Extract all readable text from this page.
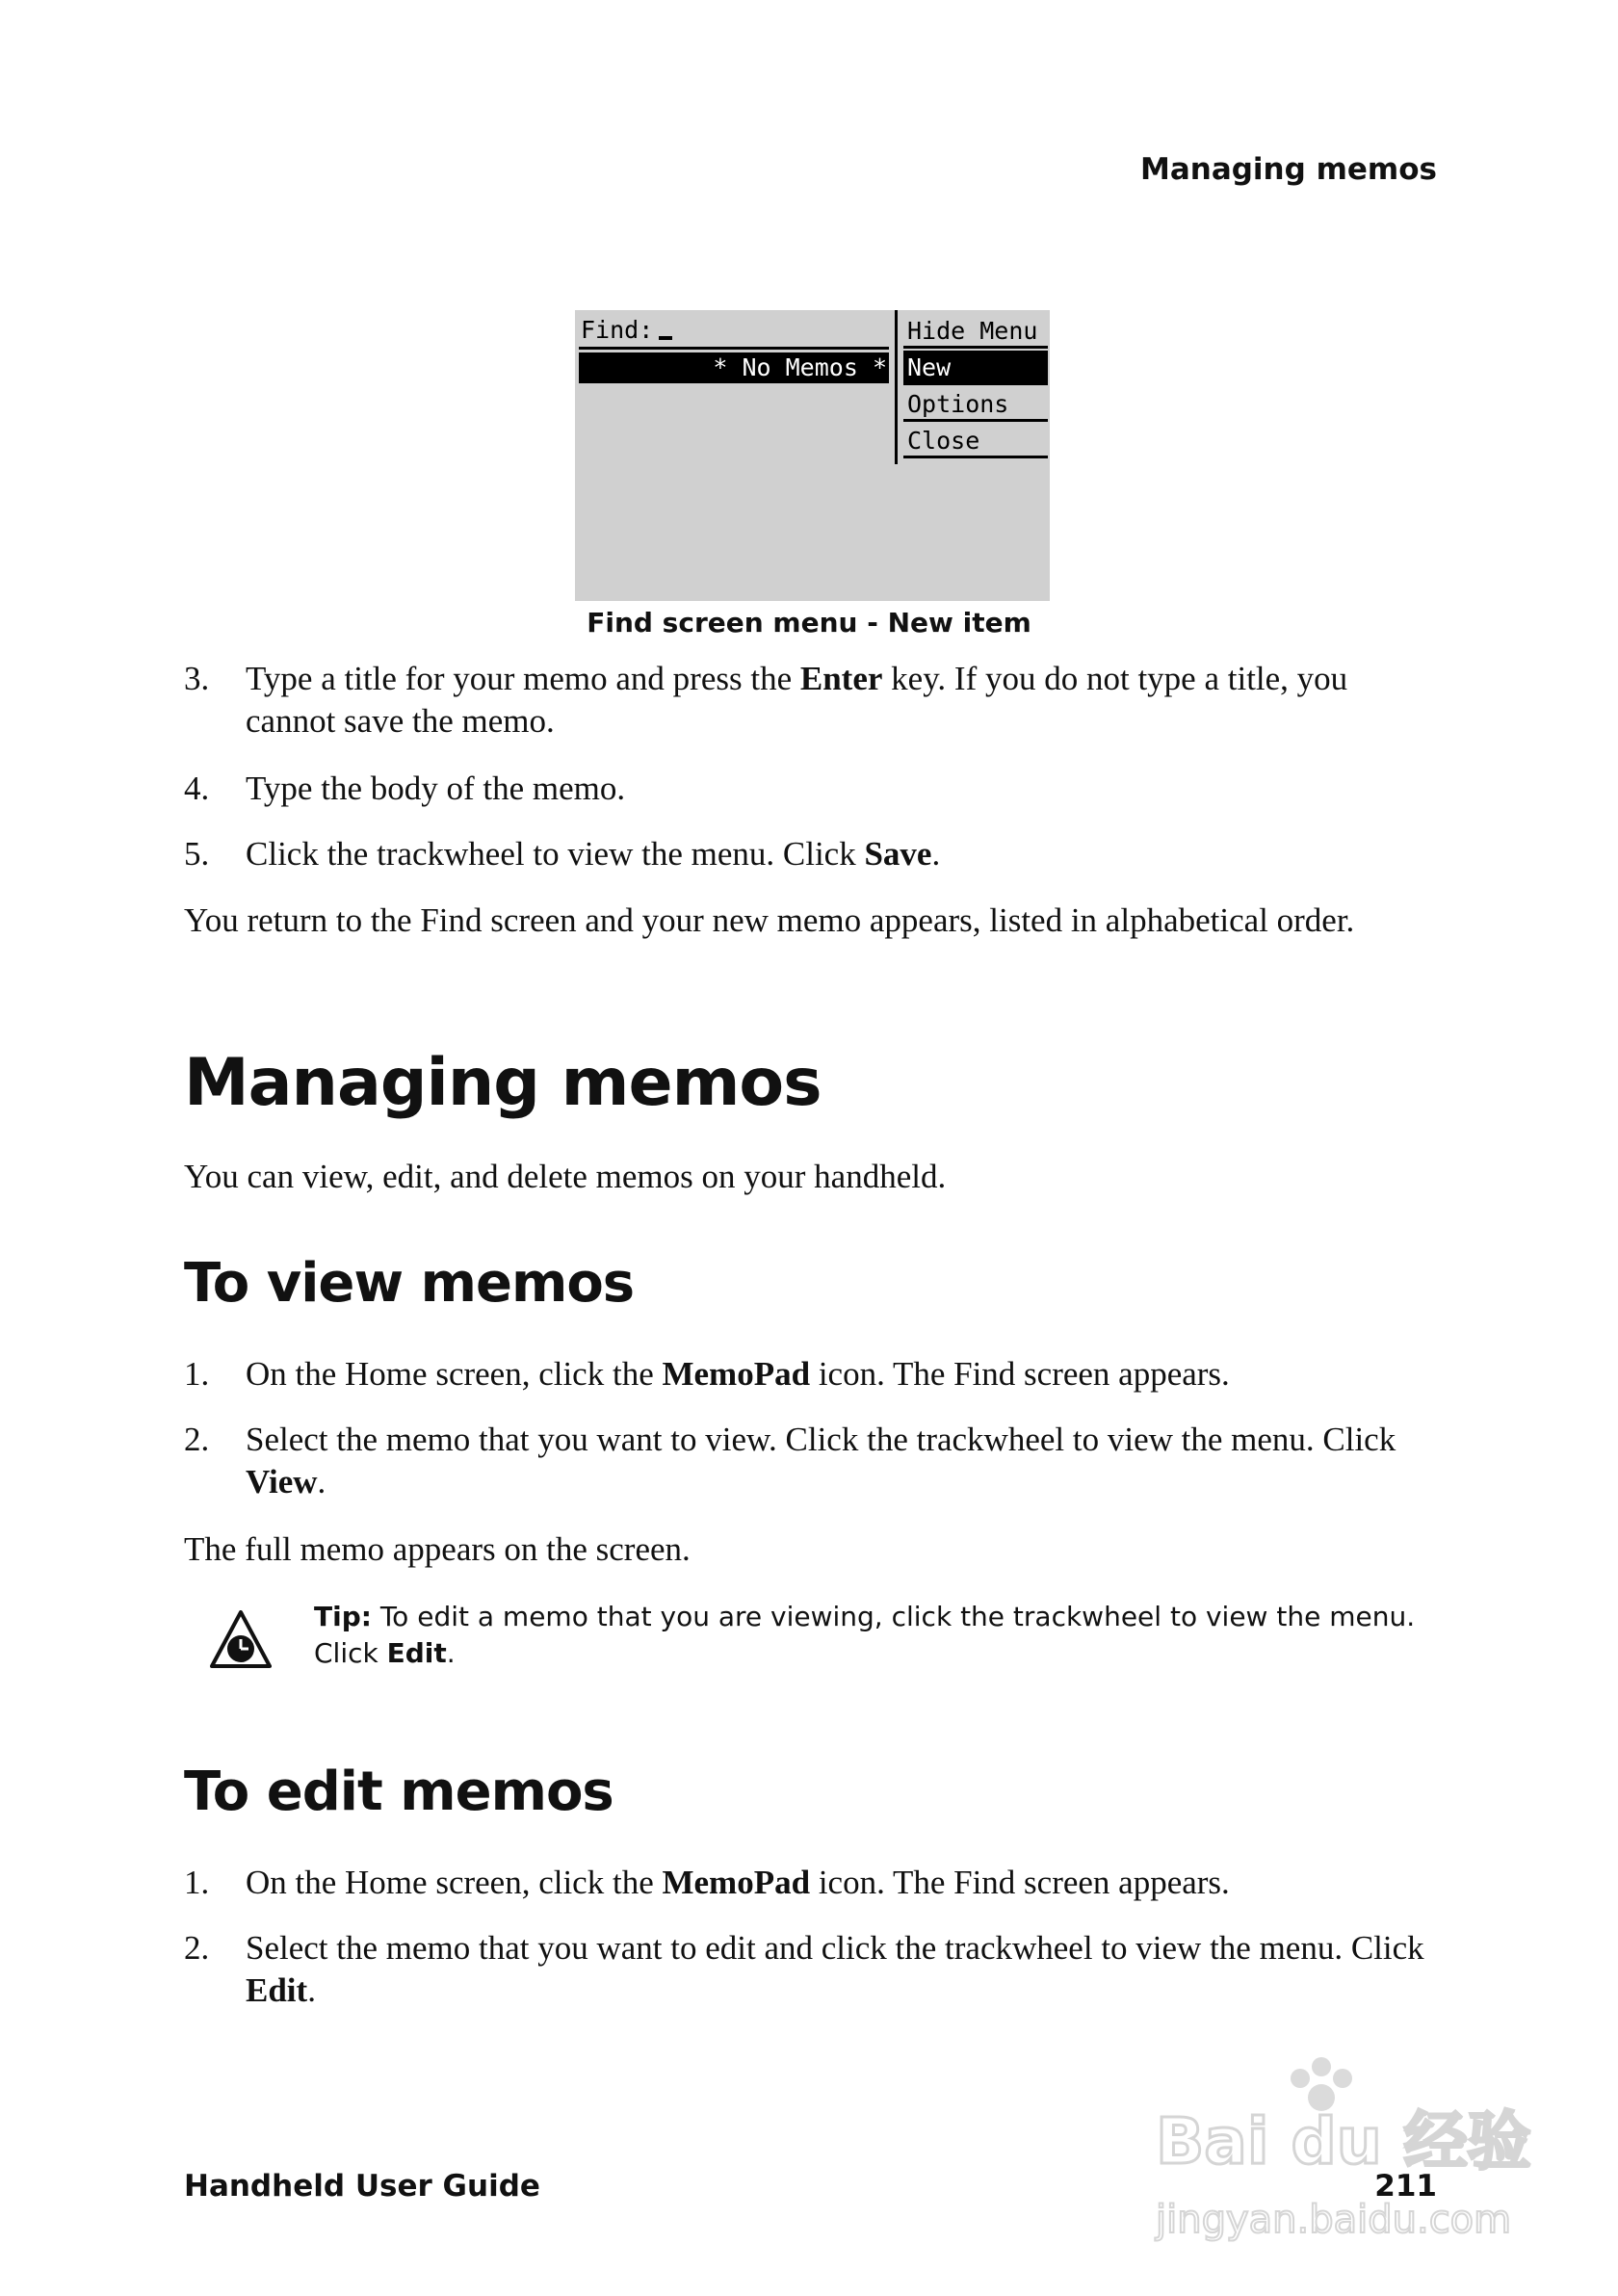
Managing memos
Find:
* No Memos *
Hide Menu
New
Options
Close
Find screen menu - New item
3. Type a title for your memo and press the Enter key. If you do not type a title, you cannot save the memo.
4. Type the body of the memo.
5. Click the trackwheel to view the menu. Click Save.
You return to the Find screen and your new memo appears, listed in alphabetical order.
Managing memos
You can view, edit, and delete memos on your handheld.
To view memos
1. On the Home screen, click the MemoPad icon. The Find screen appears.
2. Select the memo that you want to view. Click the trackwheel to view the menu. Click View.
The full memo appears on the screen.
Tip: To edit a memo that you are viewing, click the trackwheel to view the menu. Click Edit.
To edit memos
1. On the Home screen, click the MemoPad icon. The Find screen appears.
2. Select the memo that you want to edit and click the trackwheel to view the menu. Click Edit.
Bai du 经验
jingyan.baidu.com
Handheld User Guide	211
